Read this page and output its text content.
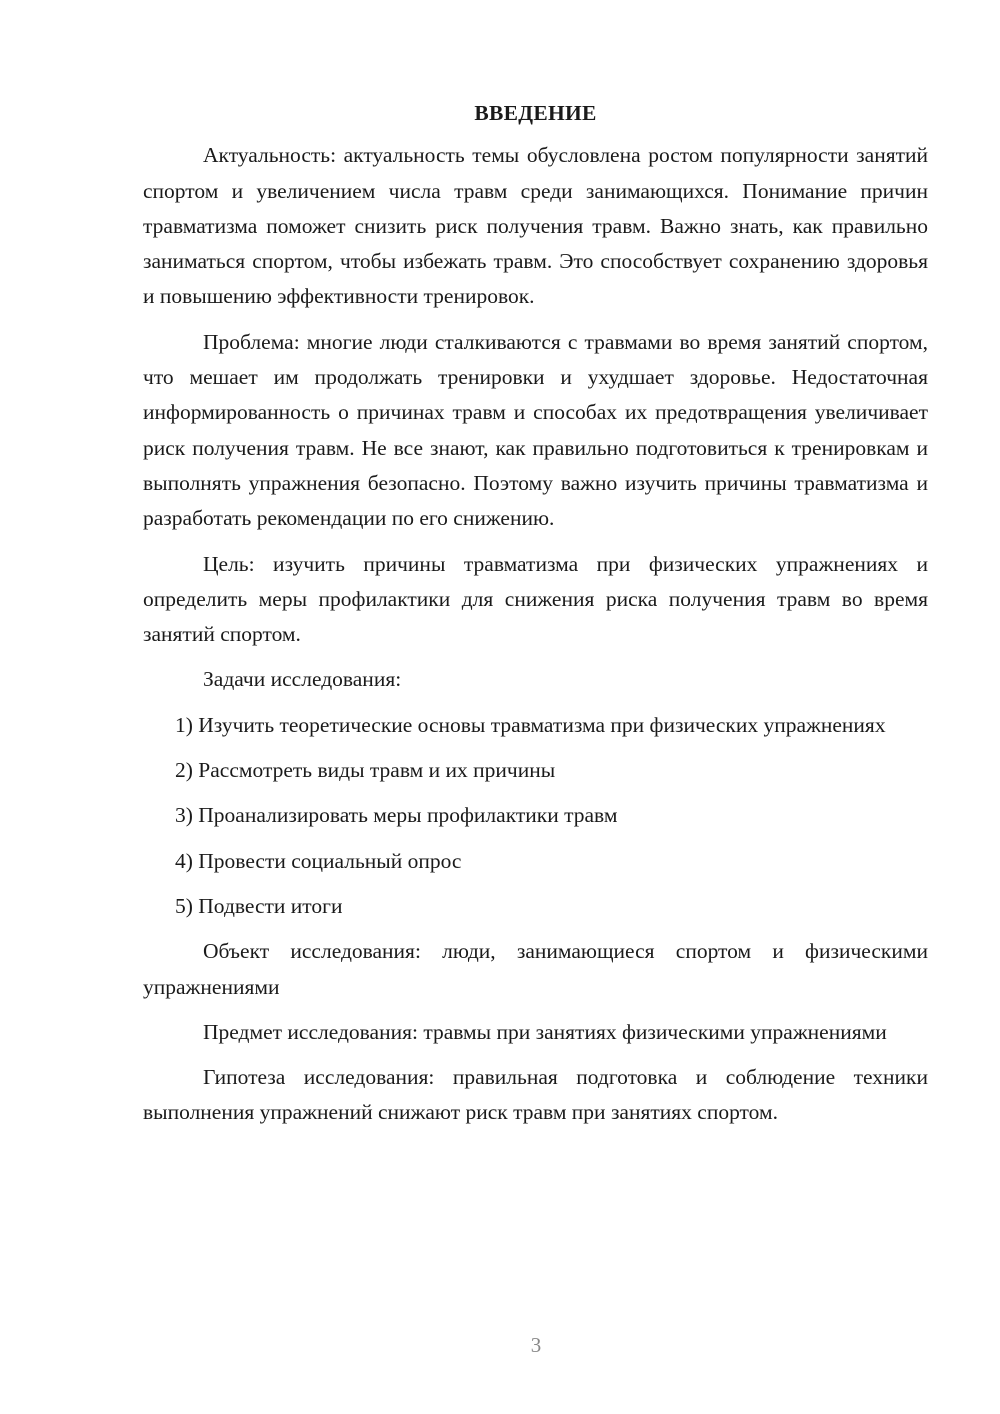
ВВЕДЕНИЕ

Актуальность: актуальность темы обусловлена ростом популярности занятий спортом и увеличением числа травм среди занимающихся. Понимание причин травматизма поможет снизить риск получения травм. Важно знать, как правильно заниматься спортом, чтобы избежать травм. Это способствует сохранению здоровья и повышению эффективности тренировок.

Проблема: многие люди сталкиваются с травмами во время занятий спортом, что мешает им продолжать тренировки и ухудшает здоровье. Недостаточная информированность о причинах травм и способах их предотвращения увеличивает риск получения травм. Не все знают, как правильно подготовиться к тренировкам и выполнять упражнения безопасно. Поэтому важно изучить причины травматизма и разработать рекомендации по его снижению.

Цель: изучить причины травматизма при физических упражнениях и определить меры профилактики для снижения риска получения травм во время занятий спортом.

Задачи исследования:

1) Изучить теоретические основы травматизма при физических упражнениях

2) Рассмотреть виды травм и их причины

3) Проанализировать меры профилактики травм

4) Провести социальный опрос

5) Подвести итоги

Объект исследования: люди, занимающиеся спортом и физическими упражнениями

Предмет исследования: травмы при занятиях физическими упражнениями

Гипотеза исследования: правильная подготовка и соблюдение техники выполнения упражнений снижают риск травм при занятиях спортом.

3
